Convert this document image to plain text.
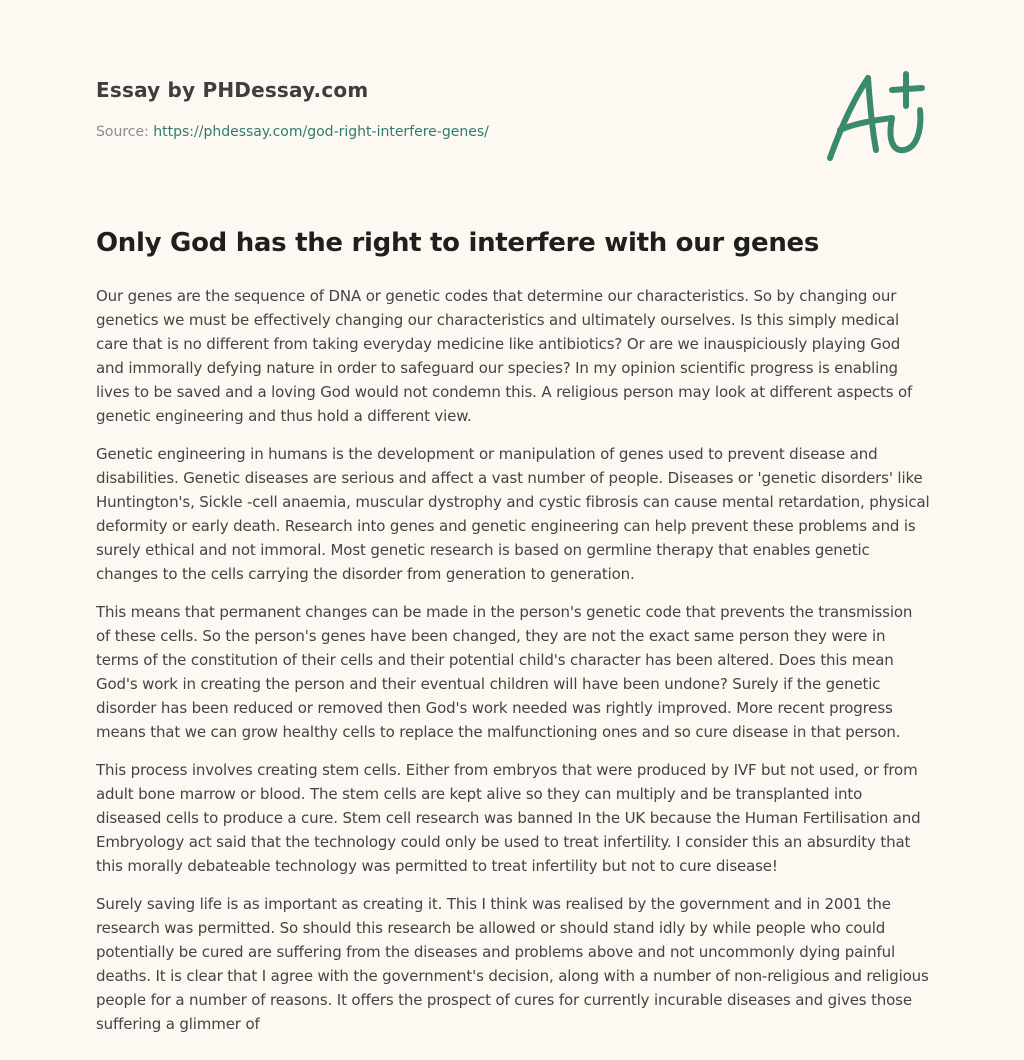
Essay by PHDessay.com
Source: https://phdessay.com/god-right-interfere-genes/
Only God has the right to interfere with our genes

Our genes are the sequence of DNA or genetic codes that determine our characteristics. So by changing our genetics we must be effectively changing our characteristics and ultimately ourselves. Is this simply medical care that is no different from taking everyday medicine like antibiotics? Or are we inauspiciously playing God and immorally defying nature in order to safeguard our species? In my opinion scientific progress is enabling lives to be saved and a loving God would not condemn this. A religious person may look at different aspects of genetic engineering and thus hold a different view.

Genetic engineering in humans is the development or manipulation of genes used to prevent disease and disabilities. Genetic diseases are serious and affect a vast number of people. Diseases or 'genetic disorders' like Huntington's, Sickle -cell anaemia, muscular dystrophy and cystic fibrosis can cause mental retardation, physical deformity or early death. Research into genes and genetic engineering can help prevent these problems and is surely ethical and not immoral. Most genetic research is based on germline therapy that enables genetic changes to the cells carrying the disorder from generation to generation.

This means that permanent changes can be made in the person's genetic code that prevents the transmission of these cells. So the person's genes have been changed, they are not the exact same person they were in terms of the constitution of their cells and their potential child's character has been altered. Does this mean God's work in creating the person and their eventual children will have been undone? Surely if the genetic disorder has been reduced or removed then God's work needed was rightly improved. More recent progress means that we can grow healthy cells to replace the malfunctioning ones and so cure disease in that person.

This process involves creating stem cells. Either from embryos that were produced by IVF but not used, or from adult bone marrow or blood. The stem cells are kept alive so they can multiply and be transplanted into diseased cells to produce a cure. Stem cell research was banned In the UK because the Human Fertilisation and Embryology act said that the technology could only be used to treat infertility. I consider this an absurdity that this morally debateable technology was permitted to treat infertility but not to cure disease!

Surely saving life is as important as creating it. This I think was realised by the government and in 2001 the research was permitted. So should this research be allowed or should stand idly by while people who could potentially be cured are suffering from the diseases and problems above and not uncommonly dying painful deaths. It is clear that I agree with the government's decision, along with a number of non-religious and religious people for a number of reasons. It offers the prospect of cures for currently incurable diseases and gives those suffering a glimmer of
